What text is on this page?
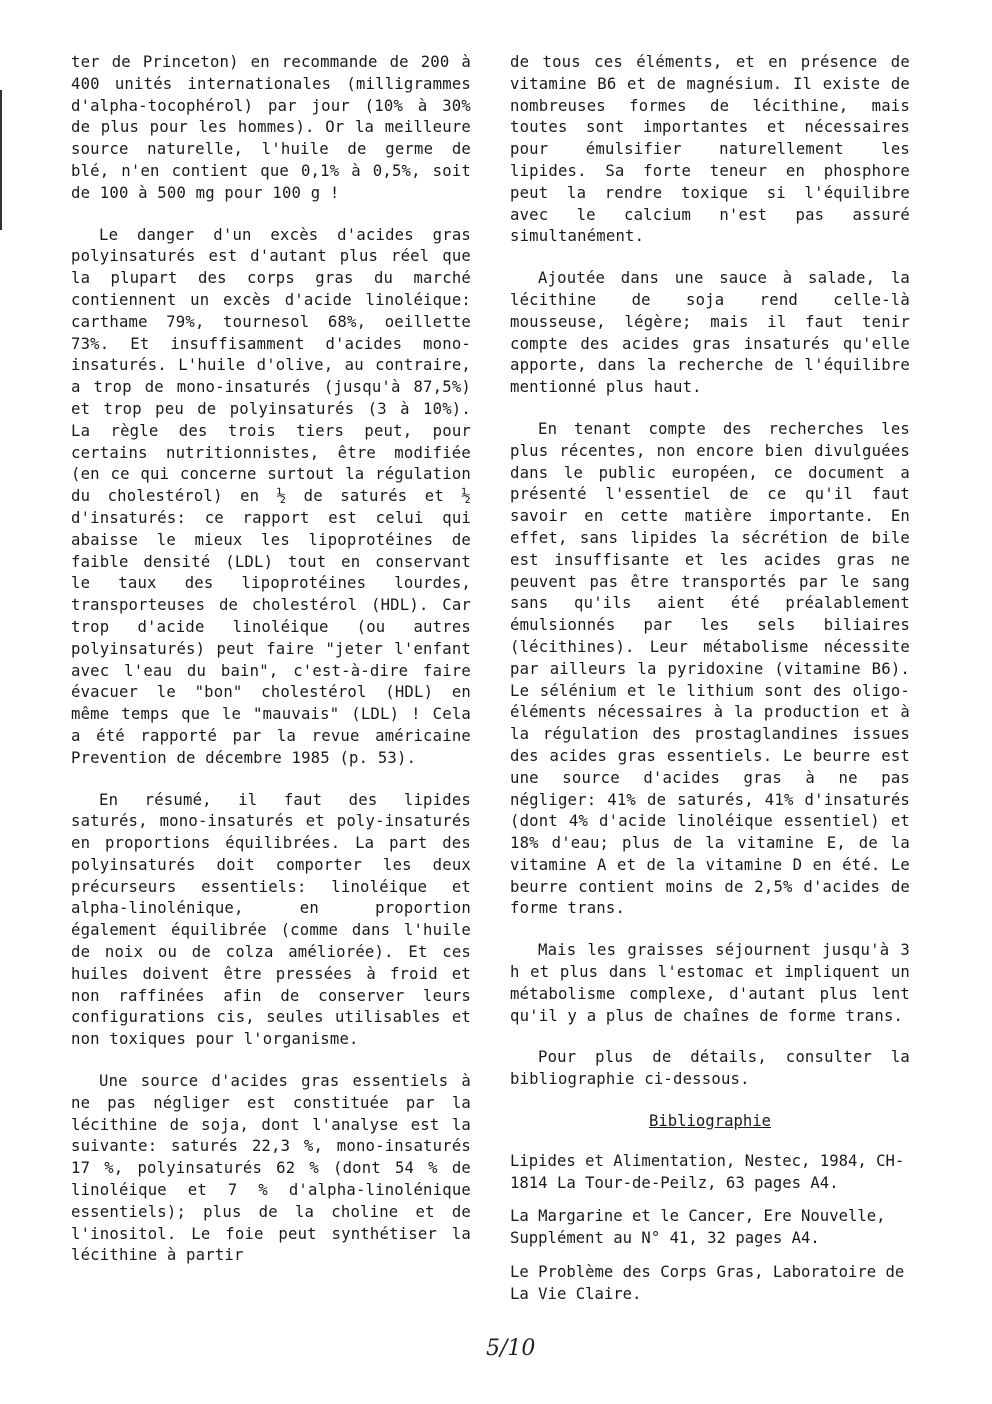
ter de Princeton) en recommande de 200 à 400 unités internationales (milligrammes d'alpha-tocophérol) par jour (10% à 30% de plus pour les hommes). Or la meilleure source naturelle, l'huile de germe de blé, n'en contient que 0,1% à 0,5%, soit de 100 à 500 mg pour 100 g !

Le danger d'un excès d'acides gras polyinsaturés est d'autant plus réel que la plupart des corps gras du marché contiennent un excès d'acide linoléique: carthame 79%, tournesol 68%, oeillette 73%. Et insuffisamment d'acides mono-insaturés. L'huile d'olive, au contraire, a trop de mono-insaturés (jusqu'à 87,5%) et trop peu de polyinsaturés (3 à 10%). La règle des trois tiers peut, pour certains nutritionnistes, être modifiée (en ce qui concerne surtout la régulation du cholestérol) en ½ de saturés et ½ d'insaturés: ce rapport est celui qui abaisse le mieux les lipoprotéines de faible densité (LDL) tout en conservant le taux des lipoprotéines lourdes, transporteuses de cholestérol (HDL). Car trop d'acide linoléique (ou autres polyinsaturés) peut faire "jeter l'enfant avec l'eau du bain", c'est-à-dire faire évacuer le "bon" cholestérol (HDL) en même temps que le "mauvais" (LDL) ! Cela a été rapporté par la revue américaine Prevention de décembre 1985 (p. 53).

En résumé, il faut des lipides saturés, mono-insaturés et poly-insaturés en proportions équilibrées. La part des polyinsaturés doit comporter les deux précurseurs essentiels: linoléique et alpha-linolénique, en proportion également équilibrée (comme dans l'huile de noix ou de colza améliorée). Et ces huiles doivent être pressées à froid et non raffinées afin de conserver leurs configurations cis, seules utilisables et non toxiques pour l'organisme.

Une source d'acides gras essentiels à ne pas négliger est constituée par la lécithine de soja, dont l'analyse est la suivante: saturés 22,3 %, mono-insaturés 17 %, polyinsaturés 62 % (dont 54 % de linoléique et 7 % d'alpha-linolénique essentiels); plus de la choline et de l'inositol. Le foie peut synthétiser la lécithine à partir

de tous ces éléments, et en présence de vitamine B6 et de magnésium. Il existe de nombreuses formes de lécithine, mais toutes sont importantes et nécessaires pour émulsifier naturellement les lipides. Sa forte teneur en phosphore peut la rendre toxique si l'équilibre avec le calcium n'est pas assuré simultanément.

Ajoutée dans une sauce à salade, la lécithine de soja rend celle-là mousseuse, légère; mais il faut tenir compte des acides gras insaturés qu'elle apporte, dans la recherche de l'équilibre mentionné plus haut.

En tenant compte des recherches les plus récentes, non encore bien divulguées dans le public européen, ce document a présenté l'essentiel de ce qu'il faut savoir en cette matière importante. En effet, sans lipides la sécrétion de bile est insuffisante et les acides gras ne peuvent pas être transportés par le sang sans qu'ils aient été préalablement émulsionnés par les sels biliaires (lécithines). Leur métabolisme nécessite par ailleurs la pyridoxine (vitamine B6). Le sélénium et le lithium sont des oligo-éléments nécessaires à la production et à la régulation des prostaglandines issues des acides gras essentiels. Le beurre est une source d'acides gras à ne pas négliger: 41% de saturés, 41% d'insaturés (dont 4% d'acide linoléique essentiel) et 18% d'eau; plus de la vitamine E, de la vitamine A et de la vitamine D en été. Le beurre contient moins de 2,5% d'acides de forme trans.

Mais les graisses séjournent jusqu'à 3 h et plus dans l'estomac et impliquent un métabolisme complexe, d'autant plus lent qu'il y a plus de chaînes de forme trans.

Pour plus de détails, consulter la bibliographie ci-dessous.

Bibliographie

Lipides et Alimentation, Nestec, 1984, CH-1814 La Tour-de-Peilz, 63 pages A4.

La Margarine et le Cancer, Ere Nouvelle, Supplément au N° 41, 32 pages A4.

Le Problème des Corps Gras, Laboratoire de La Vie Claire.

5/10
